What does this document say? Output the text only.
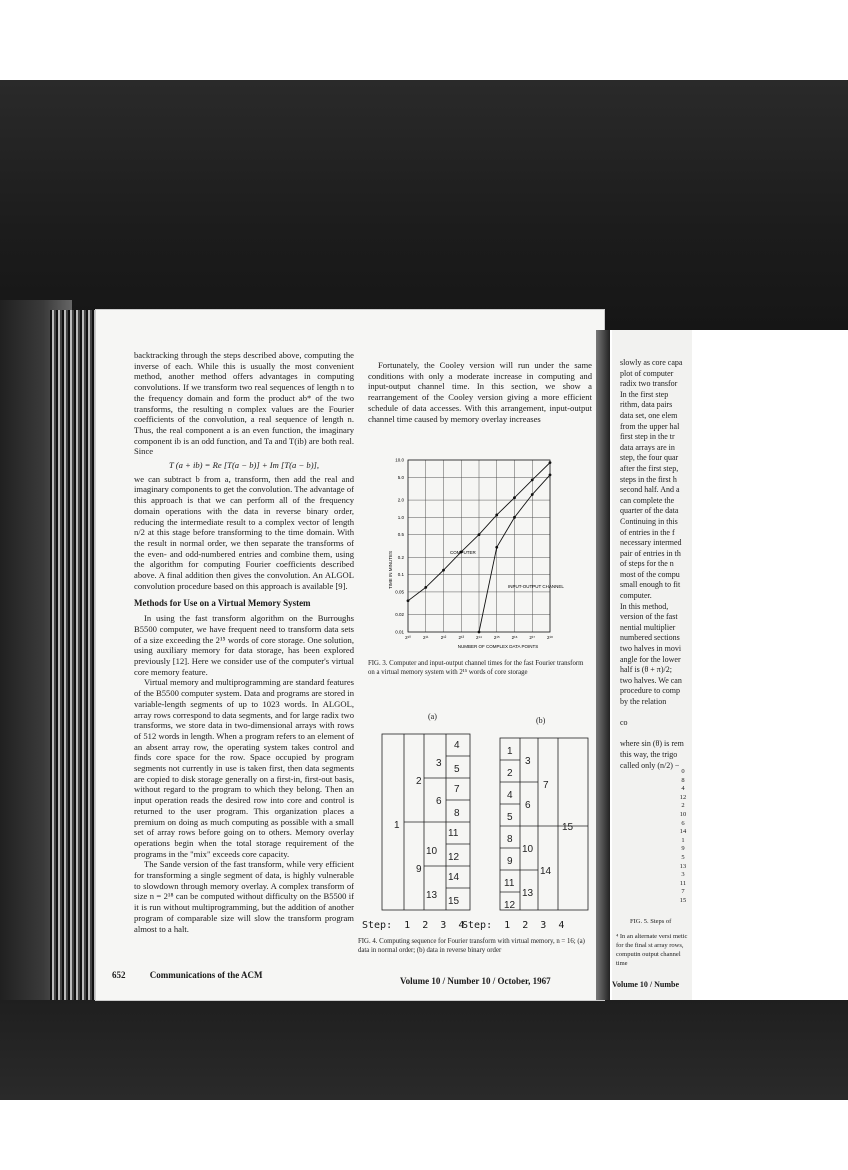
backtracking through the steps described above, computing the inverse of each. While this is usually the most convenient method, another method offers advantages in computing convolutions. If we transform two real sequences of length n to the frequency domain and form the product ab* of the two transforms, the resulting n complex values are the Fourier coefficients of the convolution, a real sequence of length n. Thus, the real component a is an even function, the imaginary component ib is an odd function, and Ta and T(ib) are both real. Since

T (a + ib) = Re [T(a − b)] + Im [T(a − b)],

we can subtract b from a, transform, then add the real and imaginary components to get the convolution. The advantage of this approach is that we can perform all of the frequency domain operations with the data in reverse binary order, reducing the intermediate result to a complex vector of length n/2 at this stage before transforming to the time domain. With the result in normal order, we then separate the transforms of the even- and odd-numbered entries and combine them, using the algorithm for computing Fourier coefficients described above. A final addition then gives the convolution. An ALGOL convolution procedure based on this approach is available [9].

Methods for Use on a Virtual Memory System

In using the fast transform algorithm on the Burroughs B5500 computer, we have frequent need to transform data sets of a size exceeding the 2¹⁵ words of core storage. One solution, using auxiliary memory for data storage, has been explored previously [12]. Here we consider use of the computer's virtual core memory feature.

Virtual memory and multiprogramming are standard features of the B5500 computer system. Data and programs are stored in variable-length segments of up to 1023 words. In ALGOL, array rows correspond to data segments, and for large radix two transforms, we store data in two-dimensional arrays with rows of 512 words in length. When a program refers to an element of an absent array row, the operating system takes control and finds core space for the row. Space occupied by program segments not currently in use is taken first, then data segments are copied to disk storage generally on a first-in, first-out basis, without regard to the program to which they belong. Then an input operation reads the desired row into core and control is returned to the user program. This organization places a premium on doing as much computing as possible with a small set of array rows before going on to others. Memory overlay operations begin when the total storage requirement of the programs in the "mix" exceeds core capacity.

The Sande version of the fast transform, while very efficient for transforming a single segment of data, is highly vulnerable to slowdown through memory overlay. A complex transform of size n = 2¹⁸ can be computed without difficulty on the B5500 if it is run without multiprogramming, but the addition of another program of comparable size will slow the transform program almost to a halt.

Fortunately, the Cooley version will run under the same conditions with only a moderate increase in computing and input-output channel time. In this section, we show a rearrangement of the Cooley version giving a more efficient schedule of data accesses. With this arrangement, input-output channel time caused by memory overlay increases

10.0
5.0
2.0
1.0
0.5
0.2
0.1
0.05
0.02
0.01
2¹⁰	2¹¹	2¹²	2¹³	2¹⁴	2¹⁵	2¹⁶	2¹⁷	2¹⁸
TIME IN MINUTES
NUMBER OF COMPLEX DATA POINTS
COMPUTER
INPUT-OUTPUT CHANNEL
FIG. 3. Computer and input-output channel times for the fast Fourier transform on a virtual memory system with 2¹⁵ words of core storage
(a)	(b)
1
2
3
4
5
6
7
8
9
10
11
12
13
14
15
1
3
2
4
6
7
5
15
8
10
9
14
11
13
12
Step:  1  2  3  4
Step:  1  2  3  4
FIG. 4. Computing sequence for Fourier transform with virtual memory, n = 16; (a) data in normal order; (b) data in reverse binary order
652	Communications of the ACM
Volume 10 / Number 10 / October, 1967
slowly as core capa
plot of computer
radix two transfor
In the first step
rithm, data pairs
data set, one elem
from the upper hal
first step in the tr
data arrays are in
step, the four quar
after the first step,
steps in the first h
second half. And a
can complete the
quarter of the data
Continuing in this
of entries in the f
necessary intermed
pair of entries in th
of steps for the n
most of the compu
small enough to fit
computer.
In this method,
version of the fast
nential multiplier
numbered sections
two halves in movi
angle for the lower
half is (θ + π)/2;
two halves. We can
procedure to comp
by the relation
co
where sin (θ) is rem
this way, the trigo
called only (n/2) −
0
8
4
12
2
10
6
14
1
9
5
13
3
11
7
15
FIG. 5. Steps of
⁴ In an alternate versi metic for the final st array rows, computin output channel time
Volume 10 / Numbe
